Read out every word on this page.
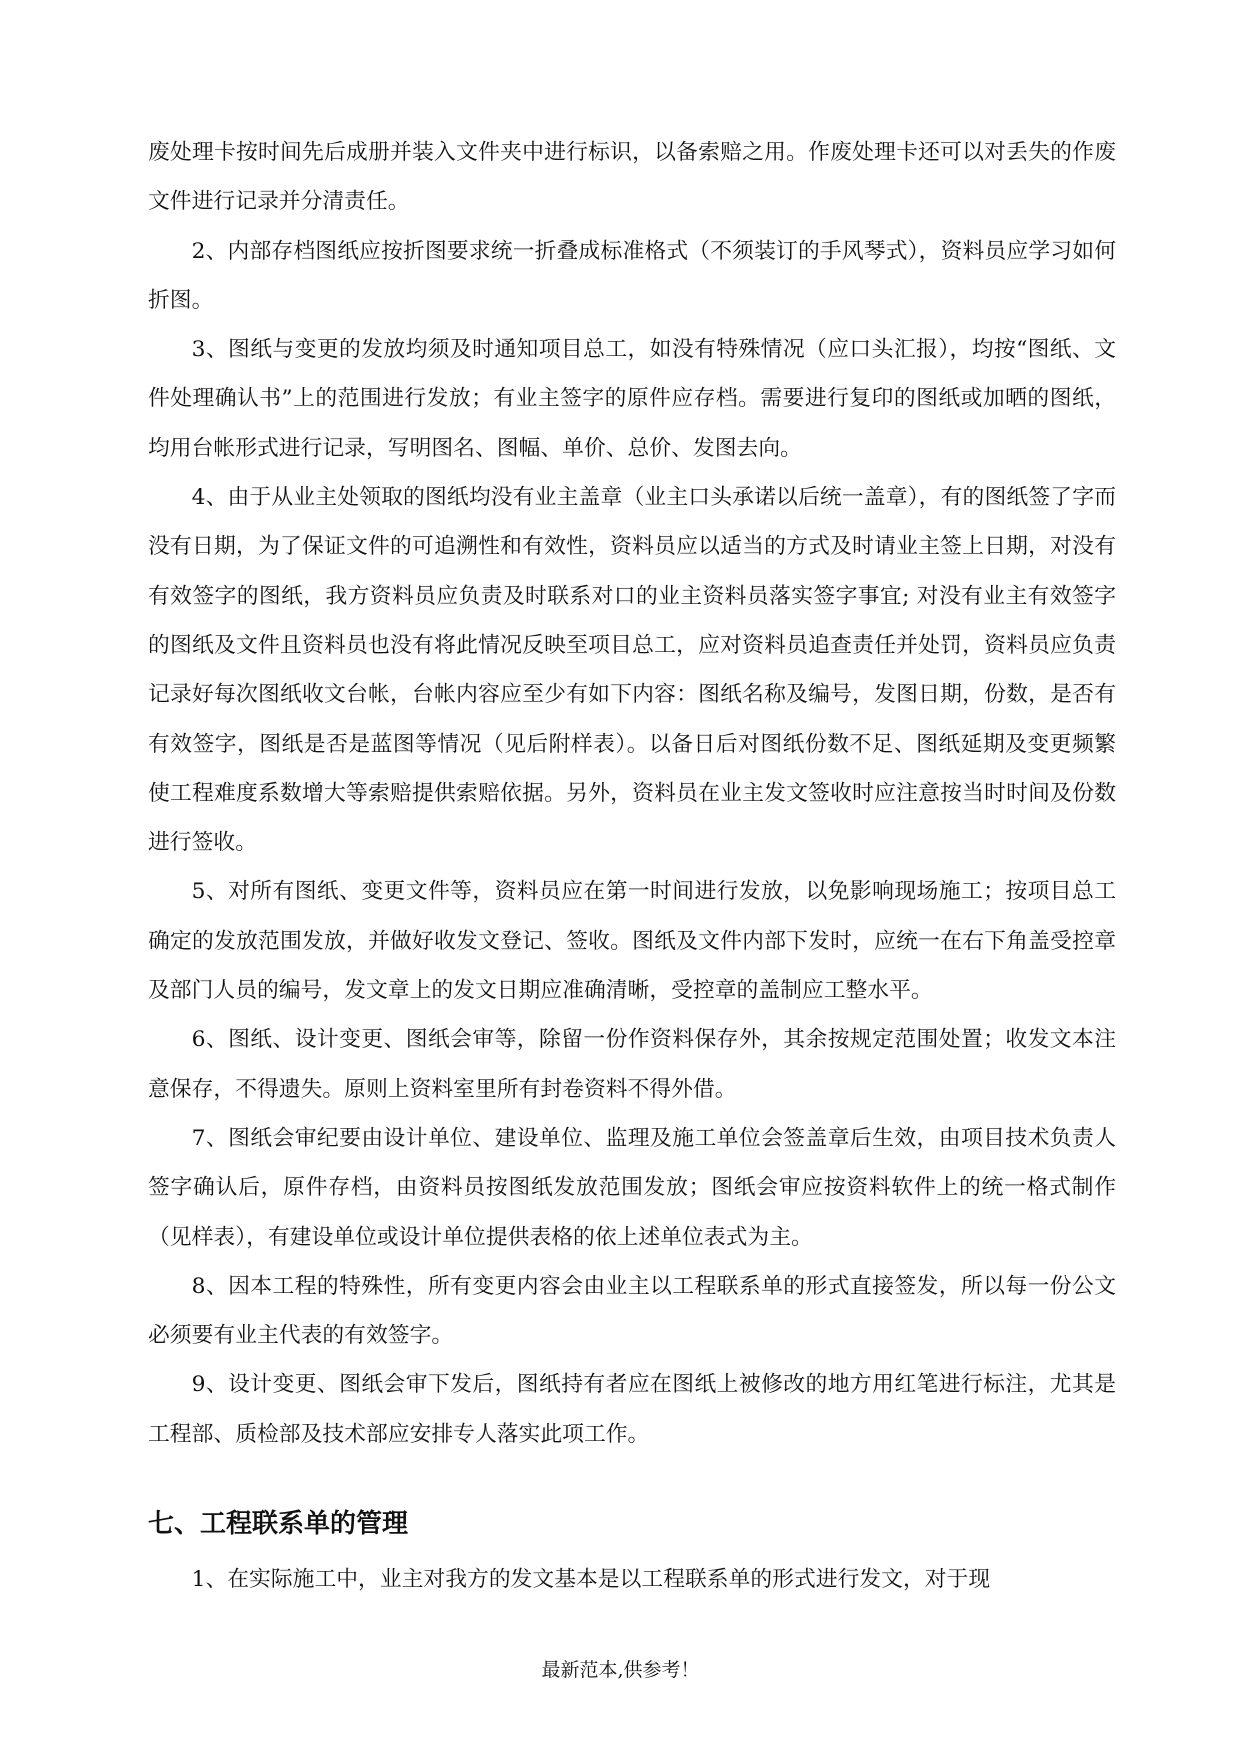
废处理卡按时间先后成册并装入文件夹中进行标识，以备索赔之用。作废处理卡还可以对丢失的作废文件进行记录并分清责任。

2、内部存档图纸应按折图要求统一折叠成标准格式（不须装订的手风琴式），资料员应学习如何折图。

3、图纸与变更的发放均须及时通知项目总工，如没有特殊情况（应口头汇报），均按“图纸、文件处理确认书”上的范围进行发放；有业主签字的原件应存档。需要进行复印的图纸或加晒的图纸，均用台帐形式进行记录，写明图名、图幅、单价、总价、发图去向。

4、由于从业主处领取的图纸均没有业主盖章（业主口头承诺以后统一盖章），有的图纸签了字而没有日期，为了保证文件的可追溯性和有效性，资料员应以适当的方式及时请业主签上日期，对没有有效签字的图纸，我方资料员应负责及时联系对口的业主资料员落实签字事宜; 对没有业主有效签字的图纸及文件且资料员也没有将此情况反映至项目总工，应对资料员追查责任并处罚，资料员应负责记录好每次图纸收文台帐，台帐内容应至少有如下内容：图纸名称及编号，发图日期，份数，是否有有效签字，图纸是否是蓝图等情况（见后附样表）。以备日后对图纸份数不足、图纸延期及变更频繁使工程难度系数增大等索赔提供索赔依据。另外，资料员在业主发文签收时应注意按当时时间及份数进行签收。

5、对所有图纸、变更文件等，资料员应在第一时间进行发放，以免影响现场施工；按项目总工确定的发放范围发放，并做好收发文登记、签收。图纸及文件内部下发时，应统一在右下角盖受控章及部门人员的编号，发文章上的发文日期应准确清晰，受控章的盖制应工整水平。

6、图纸、设计变更、图纸会审等，除留一份作资料保存外，其余按规定范围处置；收发文本注意保存，不得遗失。原则上资料室里所有封卷资料不得外借。

7、图纸会审纪要由设计单位、建设单位、监理及施工单位会签盖章后生效，由项目技术负责人签字确认后，原件存档，由资料员按图纸发放范围发放；图纸会审应按资料软件上的统一格式制作（见样表），有建设单位或设计单位提供表格的依上述单位表式为主。

8、因本工程的特殊性，所有变更内容会由业主以工程联系单的形式直接签发，所以每一份公文必须要有业主代表的有效签字。

9、设计变更、图纸会审下发后，图纸持有者应在图纸上被修改的地方用红笔进行标注，尤其是工程部、质检部及技术部应安排专人落实此项工作。

七、工程联系单的管理

1、在实际施工中，业主对我方的发文基本是以工程联系单的形式进行发文，对于现

最新范本,供参考！
